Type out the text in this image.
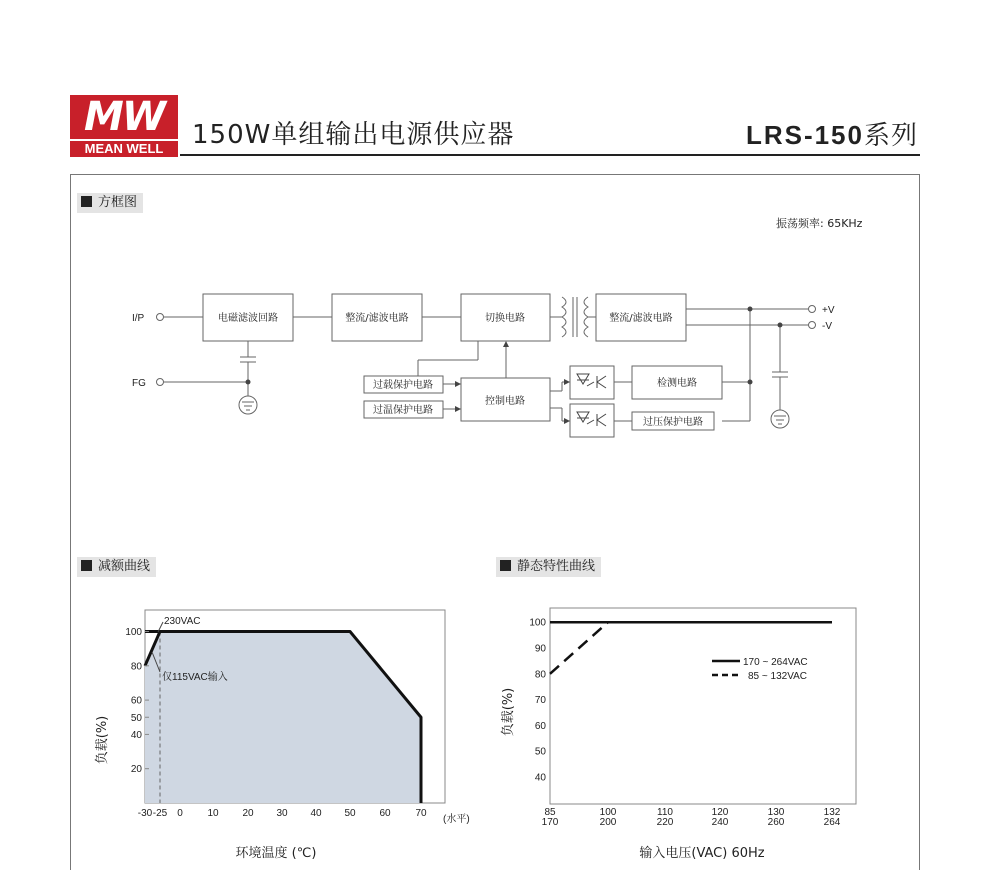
MW
MEAN WELL	150W单组输出电源供应器	LRS-150系列
方框图
振荡频率: 65KHz
减额曲线	静态特性曲线
电磁滤波回路	整流/滤波电路	切换电路	整流/滤波电路
过载保护电路
过温保护电路
控制电路
检测电路
过压保护电路
I/P
FG
+V
-V
20
40
50
60
80
100
-30 -25 0 10 20 30 40 50 60 70
230VAC
仅115VAC输入
(水平)
负载(%)
环境温度 (℃)
40
50
60
70
80
90
100
85
170
100
200
110
220
120
240
130
260
132
264
170 ~ 264VAC
85 ~ 132VAC
负载(%)
输入电压(VAC) 60Hz
